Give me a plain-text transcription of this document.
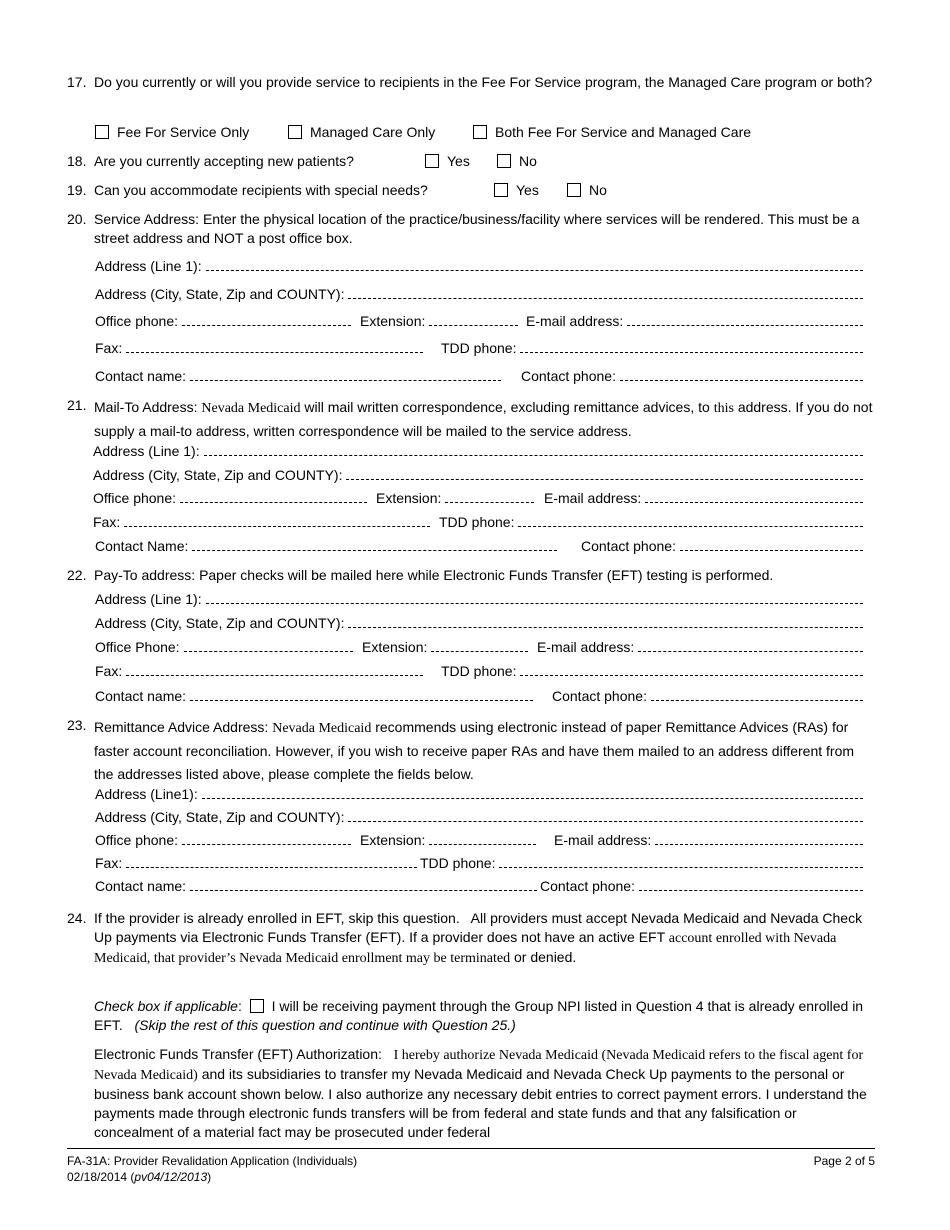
17. Do you currently or will you provide service to recipients in the Fee For Service program, the Managed Care program or both?
Fee For Service Only	Managed Care Only	Both Fee For Service and Managed Care
18. Are you currently accepting new patients?	Yes	No
19. Can you accommodate recipients with special needs?	Yes	No
20. Service Address: Enter the physical location of the practice/business/facility where services will be rendered. This must be a street address and NOT a post office box.
Address (Line 1):
Address (City, State, Zip and COUNTY):
Office phone:	Extension:	E-mail address:
Fax:	TDD phone:
Contact name:	Contact phone:
21. Mail-To Address: Nevada Medicaid will mail written correspondence, excluding remittance advices, to this address. If you do not supply a mail-to address, written correspondence will be mailed to the service address.
Address (Line 1):
Address (City, State, Zip and COUNTY):
Office phone:	Extension:	E-mail address:
Fax:	TDD phone:
Contact Name:	Contact phone:
22. Pay-To address: Paper checks will be mailed here while Electronic Funds Transfer (EFT) testing is performed.
Address (Line 1):
Address (City, State, Zip and COUNTY):
Office Phone:	Extension:	E-mail address:
Fax:	TDD phone:
Contact name:	Contact phone:
23. Remittance Advice Address: Nevada Medicaid recommends using electronic instead of paper Remittance Advices (RAs) for faster account reconciliation. However, if you wish to receive paper RAs and have them mailed to an address different from the addresses listed above, please complete the fields below.
Address (Line1):
Address (City, State, Zip and COUNTY):
Office phone:	Extension:	E-mail address:
Fax:	TDD phone:
Contact name:	Contact phone:
24. If the provider is already enrolled in EFT, skip this question. All providers must accept Nevada Medicaid and Nevada Check Up payments via Electronic Funds Transfer (EFT). If a provider does not have an active EFT account enrolled with Nevada Medicaid, that provider’s Nevada Medicaid enrollment may be terminated or denied.
Check box if applicable:  I will be receiving payment through the Group NPI listed in Question 4 that is already enrolled in EFT. (Skip the rest of this question and continue with Question 25.)
Electronic Funds Transfer (EFT) Authorization: I hereby authorize Nevada Medicaid (Nevada Medicaid refers to the fiscal agent for Nevada Medicaid) and its subsidiaries to transfer my Nevada Medicaid and Nevada Check Up payments to the personal or business bank account shown below. I also authorize any necessary debit entries to correct payment errors. I understand the payments made through electronic funds transfers will be from federal and state funds and that any falsification or concealment of a material fact may be prosecuted under federal
FA-31A: Provider Revalidation Application (Individuals)
02/18/2014 (pv04/12/2013)
Page 2 of 5
